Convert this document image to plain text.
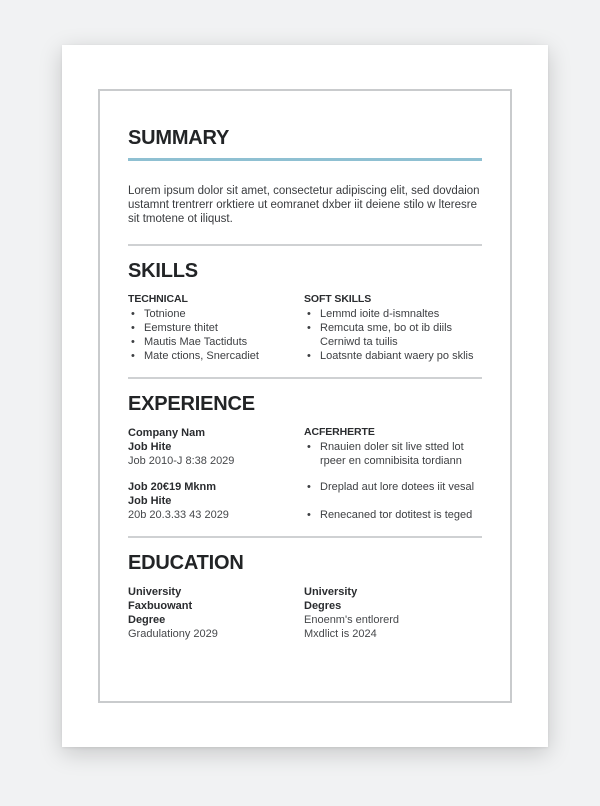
SUMMARY

Lorem ipsum dolor sit amet, consectetur adipiscing elit, sed dovdaion ustamnt trentrerr orktiere ut eomranet dxber iit deiene stilo w lteresre sit tmotene ot iliqust.

SKILLS
TECHNICAL
• Totnione
• Eemsture thitet
• Mautis Mae Tactiduts
• Mate ctions, Snercadiet
SOFT SKILLS
• Lemmd ioite d-ismnaltes
• Remcuta sme, bo ot ib diils Cerniwd ta tuilis
• Loatsnte dabiant waery po sklis
EXPERIENCE
Company Nam
Job Hite
Job 2010-J 8:38 2029
Job 20€19 Mknm
Job Hite
20b 20.3.33 43 2029
ACFERHERTE
• Rnauien doler sit live stted lot rpeer en comnibisita tordiann
• Dreplad aut lore dotees iit vesal
• Renecaned tor dotitest is teged
EDUCATION
University
Faxbuowant
Degree
Gradulationy 2029
University
Degres
Enoenm's entlorerd
Mxdlict is 2024
